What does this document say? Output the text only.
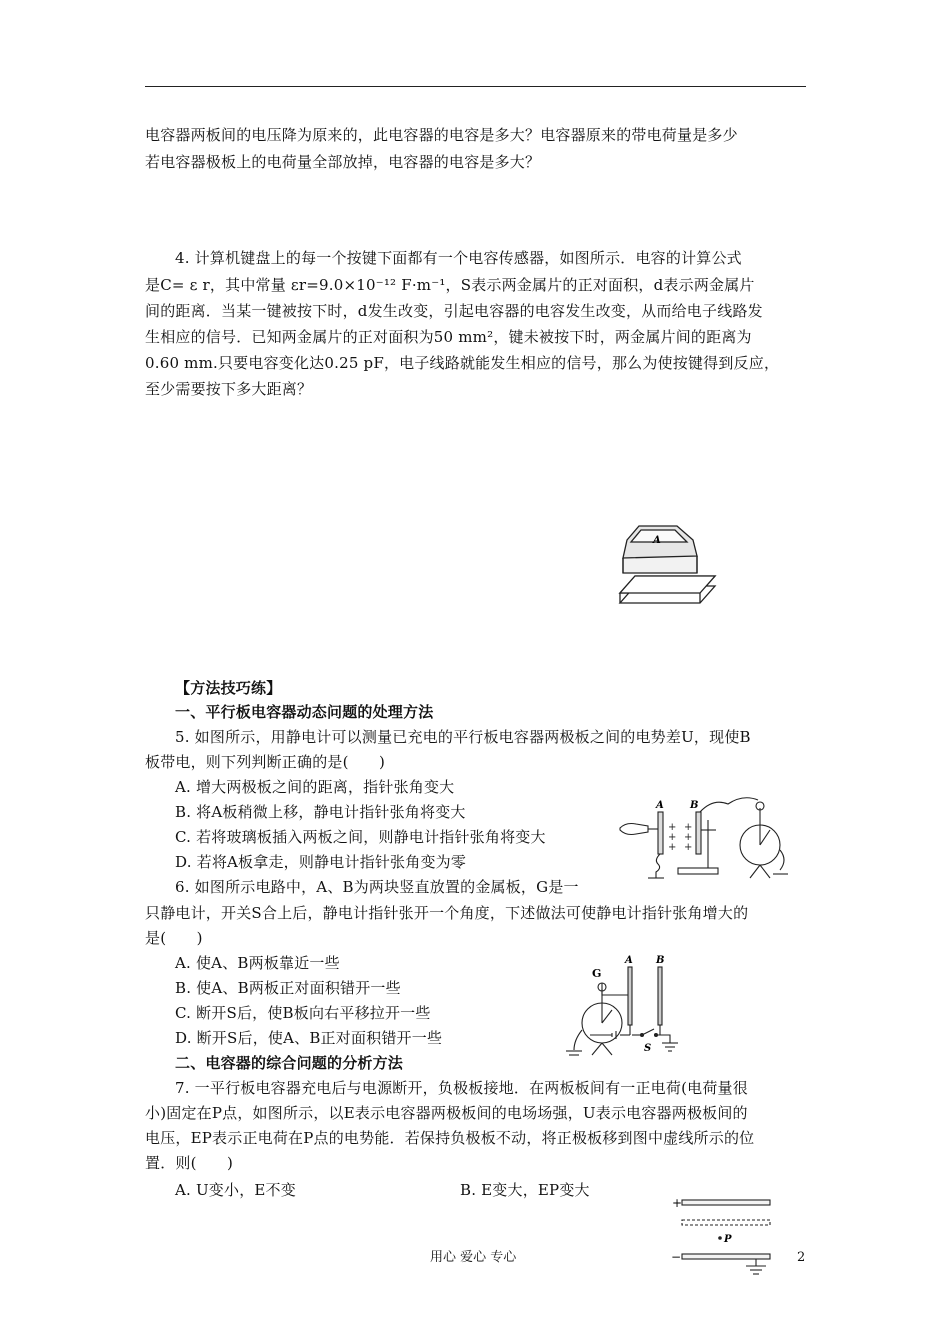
电容器两板间的电压降为原来的，此电容器的电容是多大？电容器原来的带电荷量是多少
若电容器极板上的电荷量全部放掉，电容器的电容是多大？
4. 计算机键盘上的每一个按键下面都有一个电容传感器，如图所示．电容的计算公式
是C= ε r，其中常量 εr=9.0×10⁻¹² F·m⁻¹，S表示两金属片的正对面积，d表示两金属片
间的距离．当某一键被按下时，d发生改变，引起电容器的电容发生改变，从而给电子线路发
生相应的信号．已知两金属片的正对面积为50 mm²，键未被按下时，两金属片间的距离为
0.60 mm.只要电容变化达0.25 pF，电子线路就能发生相应的信号，那么为使按键得到反应，
至少需要按下多大距离？
A
【方法技巧练】
一、平行板电容器动态问题的处理方法
5. 如图所示，用静电计可以测量已充电的平行板电容器两极板之间的电势差U，现使B
板带电，则下列判断正确的是(　　)
A. 增大两极板之间的距离，指针张角变大
B. 将A板稍微上移，静电计指针张角将变大
C. 若将玻璃板插入两板之间，则静电计指针张角将变大
D. 若将A板拿走，则静电计指针张角变为零
+
+
+
+
+
+
A	B
6. 如图所示电路中，A、B为两块竖直放置的金属板，G是一
只静电计，开关S合上后，静电计指针张开一个角度，下述做法可使静电计指针张角增大的
是(　　)
A. 使A、B两板靠近一些
B. 使A、B两板正对面积错开一些
C. 断开S后，使B板向右平移拉开一些
D. 断开S后，使A、B正对面积错开一些
G
A B
S
二、电容器的综合问题的分析方法
7. 一平行板电容器充电后与电源断开，负极板接地．在两板板间有一正电荷(电荷量很
小)固定在P点，如图所示，以E表示电容器两极板间的电场场强，U表示电容器两极板间的
电压，EP表示正电荷在P点的电势能．若保持负极板不动，将正极板移到图中虚线所示的位
置．则(　　)
A. U变小，E不变	B. E变大，EP变大
+
P
−
用心 爱心 专心	2
